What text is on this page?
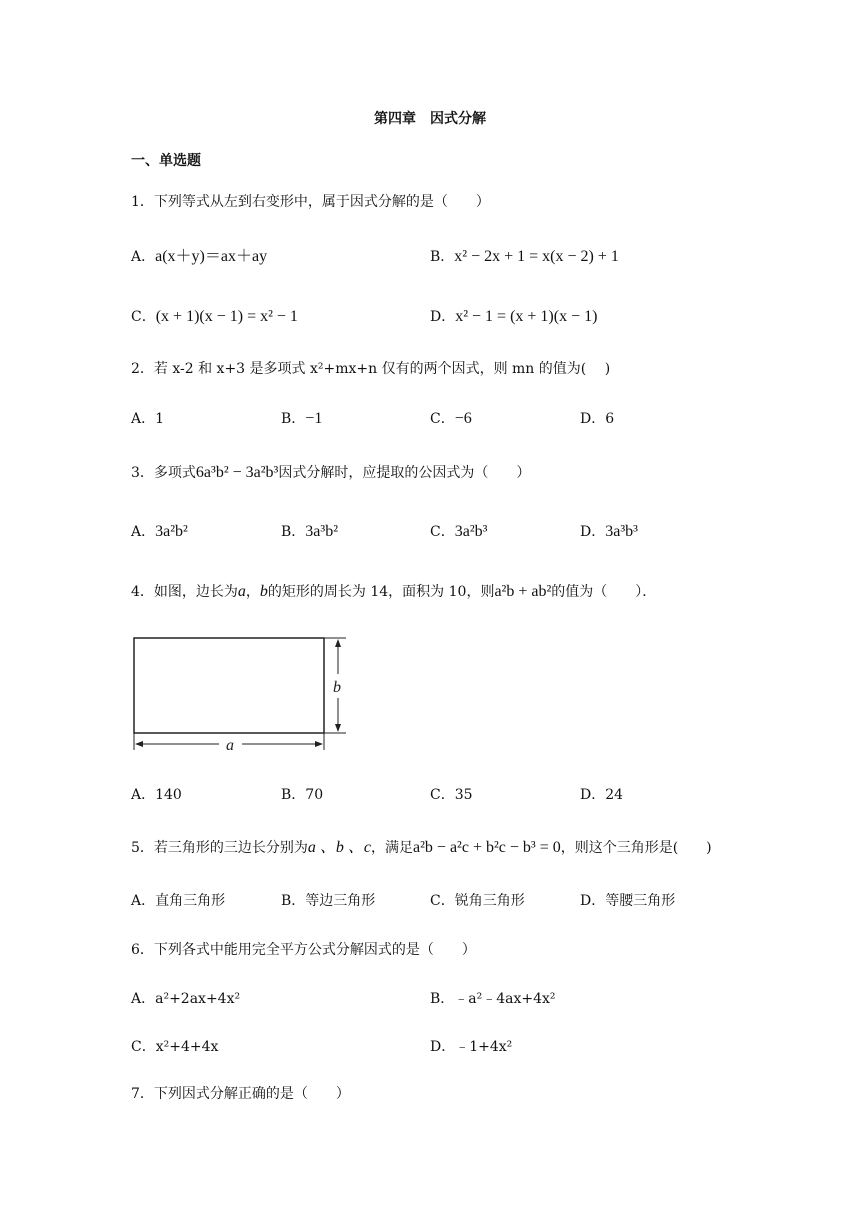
第四章　因式分解
一、单选题
1．下列等式从左到右变形中，属于因式分解的是（　　）
A．a(x＋y)＝ax＋ay	B．x² − 2x + 1 = x(x − 2) + 1
C．(x + 1)(x − 1) = x² − 1	D．x² − 1 = (x + 1)(x − 1)
2．若 x-2 和 x+3 是多项式 x²+mx+n 仅有的两个因式，则 mn 的值为(　 )
A．1	B．−1	C．−6	D．6
3．多项式6a³b² − 3a²b³因式分解时，应提取的公因式为（　　）
A．3a²b²	B．3a³b²	C．3a²b³	D．3a³b³
4．如图，边长为a，b的矩形的周长为 14，面积为 10，则a²b + ab²的值为（　　）．
b
a
A．140	B．70	C．35	D．24
5．若三角形的三边长分别为a 、b 、c，满足a²b − a²c + b²c − b³ = 0，则这个三角形是(　　)
A．直角三角形	B．等边三角形	C．锐角三角形	D．等腰三角形
6．下列各式中能用完全平方公式分解因式的是（　　）
A．a²+2ax+4x²	B．﹣a²﹣4ax+4x²
C．x²+4+4x	D．﹣1+4x²
7．下列因式分解正确的是（　　）
